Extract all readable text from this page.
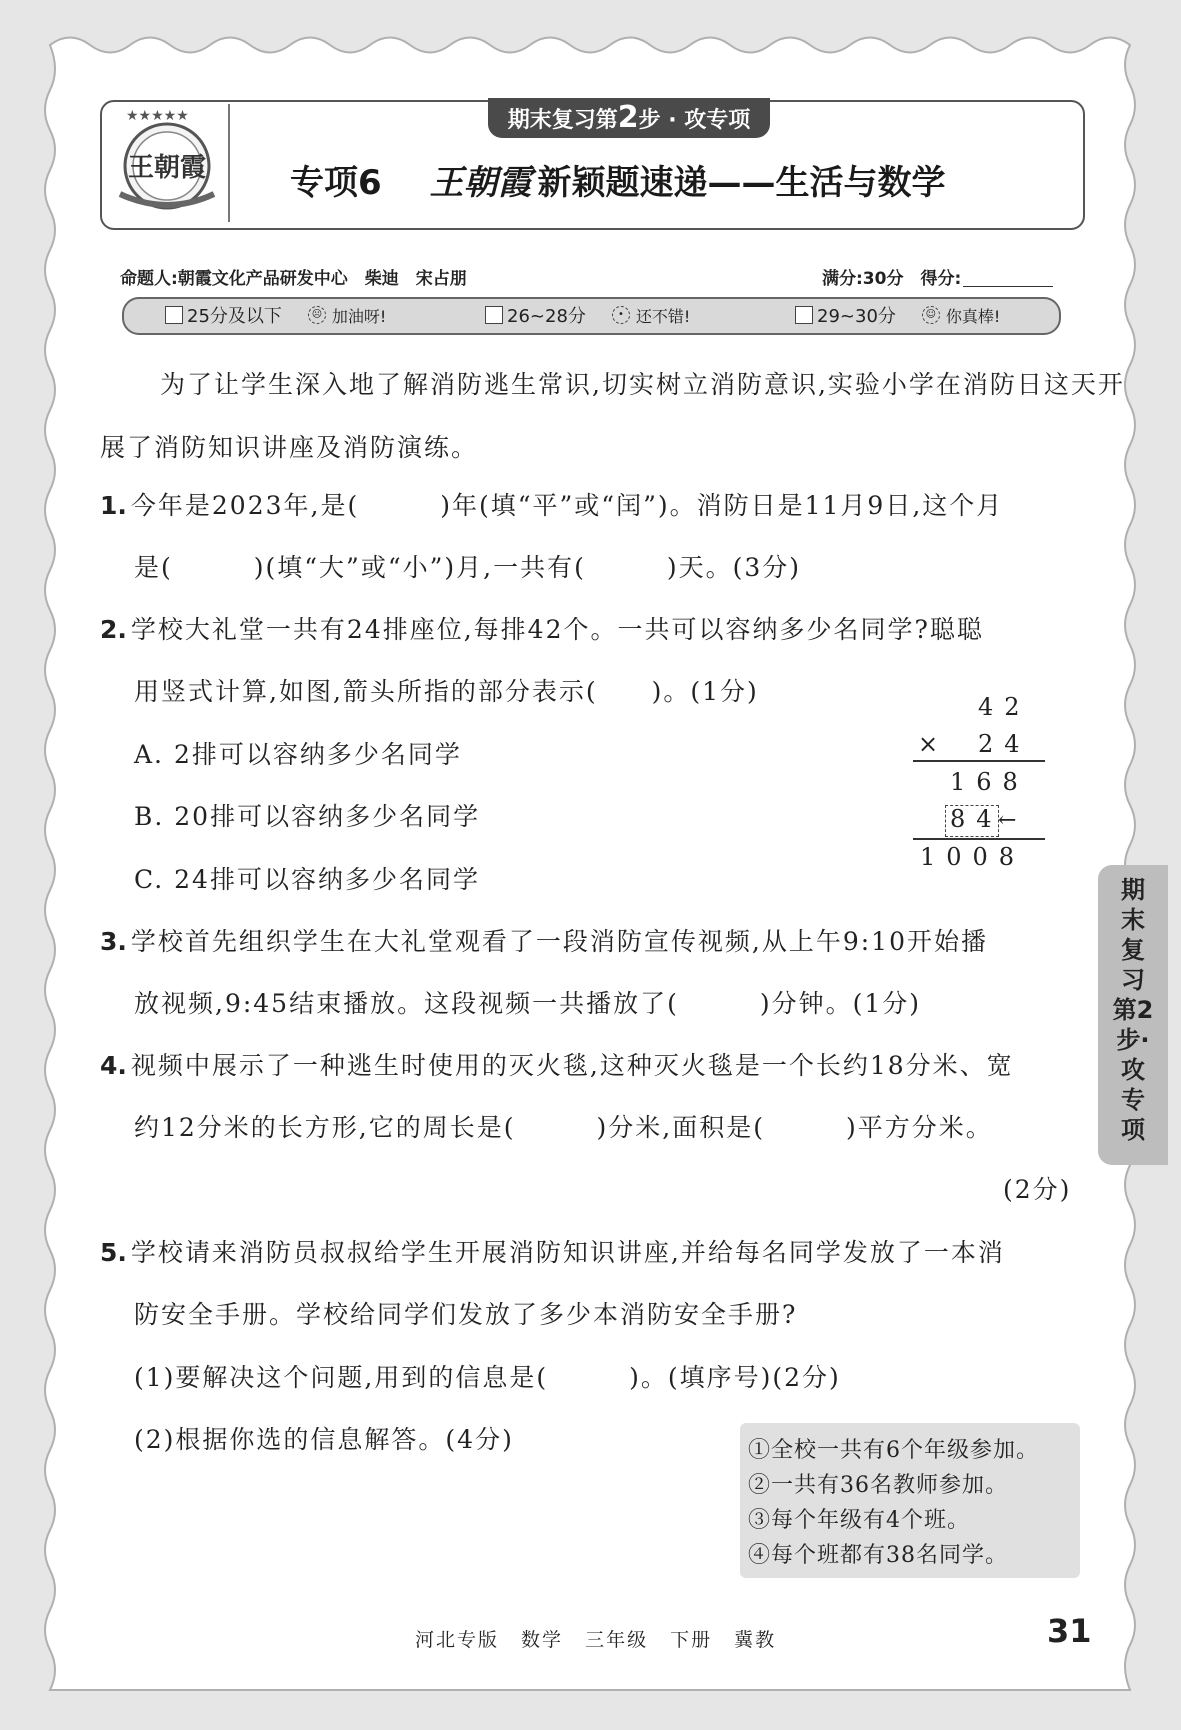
★★★★★
王朝霞
期末复习第2步 · 攻专项
专项6 王朝霞 新颖题速递——生活与数学
命题人:朝霞文化产品研发中心　柴迪　宋占朋	满分:30分　得分:
25分及以下	☹ 加油呀!	26~28分	• 还不错!	29~30分	☺ 你真棒!
为了让学生深入地了解消防逃生常识,切实树立消防意识,实验小学在消防日这天开
展了消防知识讲座及消防演练。
1. 今年是2023年,是(　　　)年(填“平”或“闰”)。消防日是11月9日,这个月
是(　　　)(填“大”或“小”)月,一共有(　　　)天。(3分)
2. 学校大礼堂一共有24排座位,每排42个。一共可以容纳多少名同学?聪聪
用竖式计算,如图,箭头所指的部分表示(　　)。(1分)
A. 2排可以容纳多少名同学
B. 20排可以容纳多少名同学
C. 24排可以容纳多少名同学
42
× 24
168
84
←
1008
3. 学校首先组织学生在大礼堂观看了一段消防宣传视频,从上午9:10开始播
放视频,9:45结束播放。这段视频一共播放了(　　　)分钟。(1分)
4. 视频中展示了一种逃生时使用的灭火毯,这种灭火毯是一个长约18分米、宽
约12分米的长方形,它的周长是(　　　)分米,面积是(　　　)平方分米。
(2分)
5. 学校请来消防员叔叔给学生开展消防知识讲座,并给每名同学发放了一本消
防安全手册。学校给同学们发放了多少本消防安全手册?
(1)要解决这个问题,用到的信息是(　　　)。(填序号)(2分)
(2)根据你选的信息解答。(4分)	①全校一共有6个年级参加。
②一共有36名教师参加。
③每个年级有4个班。
④每个班都有38名同学。
期末复习第2步·攻专项
河北专版 数学 三年级 下册 冀教	31
